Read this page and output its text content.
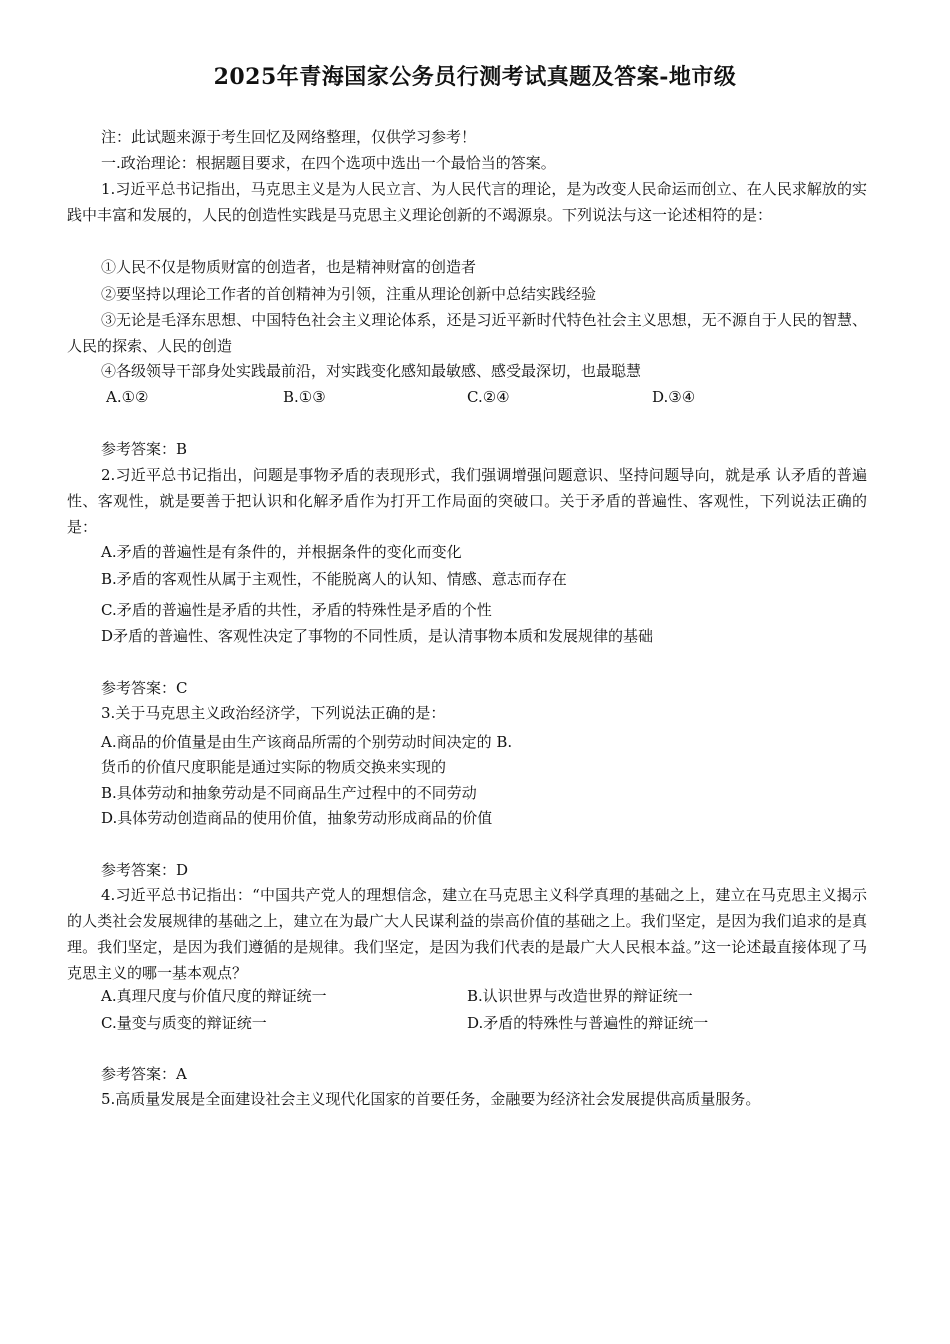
2025年青海国家公务员行测考试真题及答案-地市级
注：此试题来源于考生回忆及网络整理，仅供学习参考！
一.政治理论：根据题目要求，在四个选项中选出一个最恰当的答案。
1.习近平总书记指出，马克思主义是为人民立言、为人民代言的理论，是为改变人民命运而创立、在人民求解放的实践中丰富和发展的，人民的创造性实践是马克思主义理论创新的不竭源泉。下列说法与这一论述相符的是：
①人民不仅是物质财富的创造者，也是精神财富的创造者
②要坚持以理论工作者的首创精神为引领，注重从理论创新中总结实践经验
③无论是毛泽东思想、中国特色社会主义理论体系，还是习近平新时代特色社会主义思想，无不源自于人民的智慧、人民的探索、人民的创造
④各级领导干部身处实践最前沿，对实践变化感知最敏感、感受最深切，也最聪慧
A.①②	B.①③	C.②④	D.③④
参考答案：B
2.习近平总书记指出，问题是事物矛盾的表现形式，我们强调增强问题意识、坚持问题导向，就是承 认矛盾的普遍性、客观性，就是要善于把认识和化解矛盾作为打开工作局面的突破口。关于矛盾的普遍性、客观性，下列说法正确的是：
A.矛盾的普遍性是有条件的，并根据条件的变化而变化
B.矛盾的客观性从属于主观性，不能脱离人的认知、情感、意志而存在
C.矛盾的普遍性是矛盾的共性，矛盾的特殊性是矛盾的个性
D矛盾的普遍性、客观性决定了事物的不同性质，是认清事物本质和发展规律的基础
参考答案：C
3.关于马克思主义政治经济学，下列说法正确的是：
A.商品的价值量是由生产该商品所需的个别劳动时间决定的 B.
货币的价值尺度职能是通过实际的物质交换来实现的
B.具体劳动和抽象劳动是不同商品生产过程中的不同劳动
D.具体劳动创造商品的使用价值，抽象劳动形成商品的价值
参考答案：D
4.习近平总书记指出：“中国共产党人的理想信念，建立在马克思主义科学真理的基础之上，建立在马克思主义揭示的人类社会发展规律的基础之上，建立在为最广大人民谋利益的崇高价值的基础之上。我们坚定，是因为我们追求的是真理。我们坚定，是因为我们遵循的是规律。我们坚定，是因为我们代表的是最广大人民根本益。”这一论述最直接体现了马克思主义的哪一基本观点？
A.真理尺度与价值尺度的辩证统一	B.认识世界与改造世界的辩证统一
C.量变与质变的辩证统一	D.矛盾的特殊性与普遍性的辩证统一
参考答案：A
5.高质量发展是全面建设社会主义现代化国家的首要任务，金融要为经济社会发展提供高质量服务。
